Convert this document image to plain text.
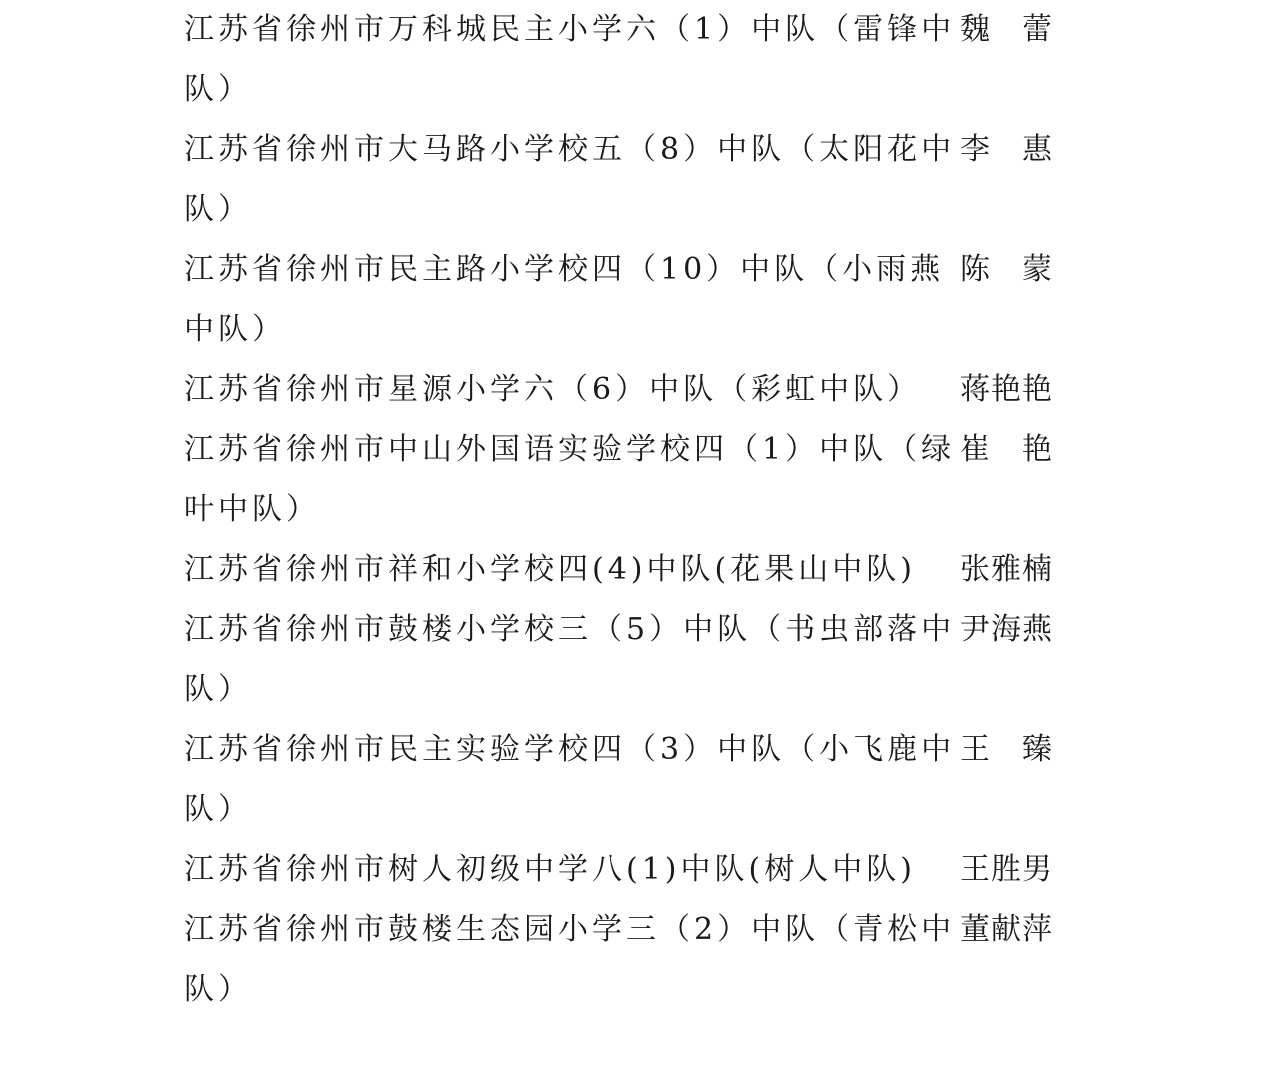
江苏省徐州市万科城民主小学六（1）中队（雷锋中
队）
魏蕾
江苏省徐州市大马路小学校五（8）中队（太阳花中
队）
李惠
江苏省徐州市民主路小学校四（10）中队（小雨燕
中队）
陈蒙
江苏省徐州市星源小学六（6）中队（彩虹中队） 蒋艳艳
江苏省徐州市中山外国语实验学校四（1）中队（绿
叶中队）
崔艳
江苏省徐州市祥和小学校四(4)中队(花果山中队) 张雅楠
江苏省徐州市鼓楼小学校三（5）中队（书虫部落中
队）
尹海燕
江苏省徐州市民主实验学校四（3）中队（小飞鹿中
队）
王臻
江苏省徐州市树人初级中学八(1)中队(树人中队) 王胜男
江苏省徐州市鼓楼生态园小学三（2）中队（青松中
队）
董献萍
